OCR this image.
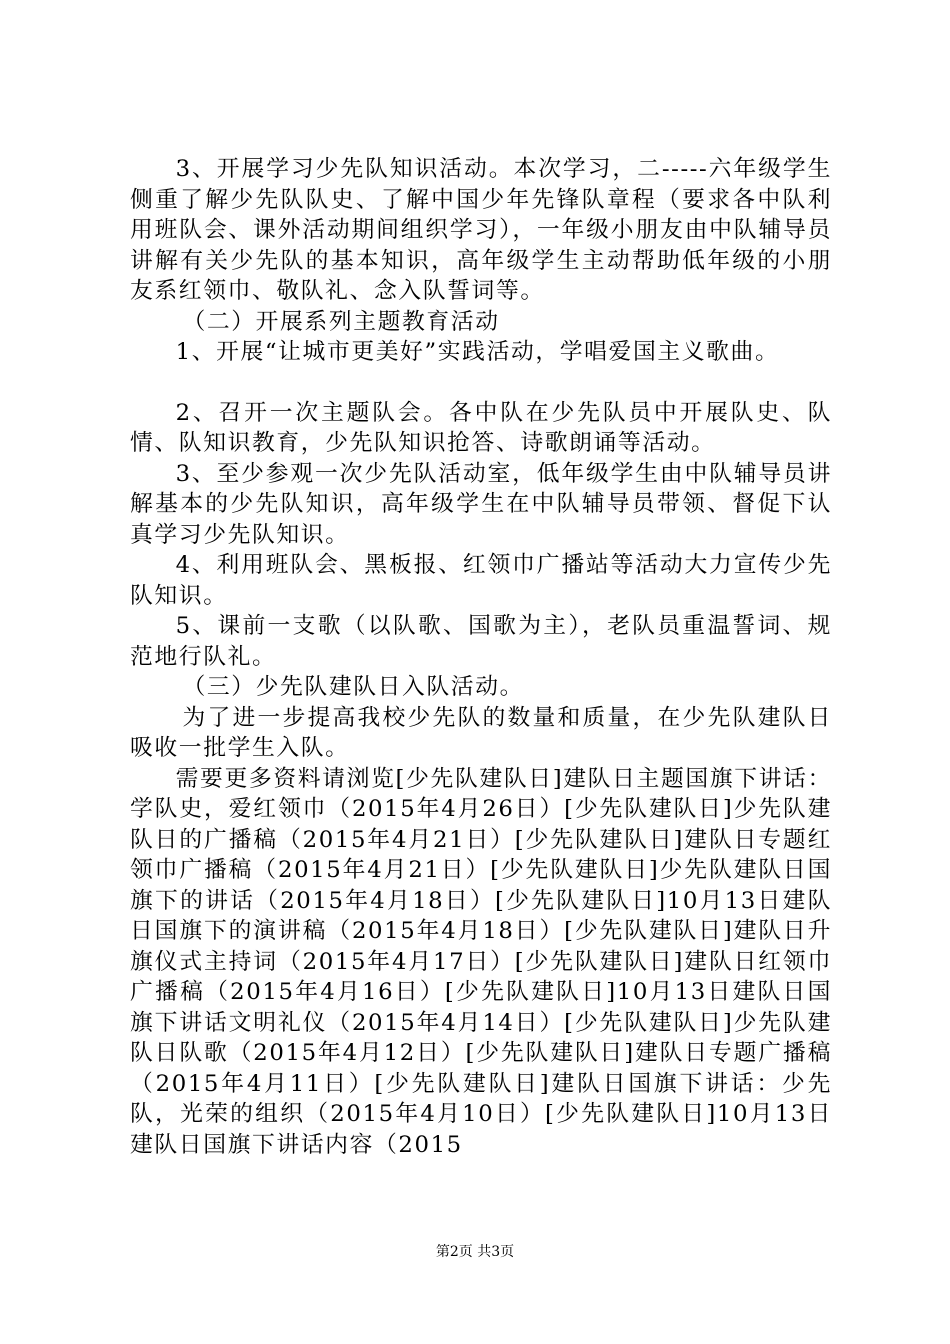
3、开展学习少先队知识活动。本次学习，二-----六年级学生侧重了解少先队队史、了解中国少年先锋队章程（要求各中队利用班队会、课外活动期间组织学习），一年级小朋友由中队辅导员讲解有关少先队的基本知识，高年级学生主动帮助低年级的小朋友系红领巾、敬队礼、念入队誓词等。

（二）开展系列主题教育活动

1、开展“让城市更美好”实践活动，学唱爱国主义歌曲。

2、召开一次主题队会。各中队在少先队员中开展队史、队情、队知识教育，少先队知识抢答、诗歌朗诵等活动。

3、至少参观一次少先队活动室，低年级学生由中队辅导员讲解基本的少先队知识，高年级学生在中队辅导员带领、督促下认真学习少先队知识。

4、利用班队会、黑板报、红领巾广播站等活动大力宣传少先队知识。

5、课前一支歌（以队歌、国歌为主），老队员重温誓词、规范地行队礼。

（三）少先队建队日入队活动。

为了进一步提高我校少先队的数量和质量，在少先队建队日吸收一批学生入队。

需要更多资料请浏览[少先队建队日]建队日主题国旗下讲话：学队史，爱红领巾（2015年4月26日）[少先队建队日]少先队建队日的广播稿（2015年4月21日）[少先队建队日]建队日专题红领巾广播稿（2015年4月21日）[少先队建队日]少先队建队日国旗下的讲话（2015年4月18日）[少先队建队日]10月13日建队日国旗下的演讲稿（2015年4月18日）[少先队建队日]建队日升旗仪式主持词（2015年4月17日）[少先队建队日]建队日红领巾广播稿（2015年4月16日）[少先队建队日]10月13日建队日国旗下讲话文明礼仪（2015年4月14日）[少先队建队日]少先队建队日队歌（2015年4月12日）[少先队建队日]建队日专题广播稿（2015年4月11日）[少先队建队日]建队日国旗下讲话：少先队，光荣的组织（2015年4月10日）[少先队建队日]10月13日建队日国旗下讲话内容（2015

第2页 共3页
